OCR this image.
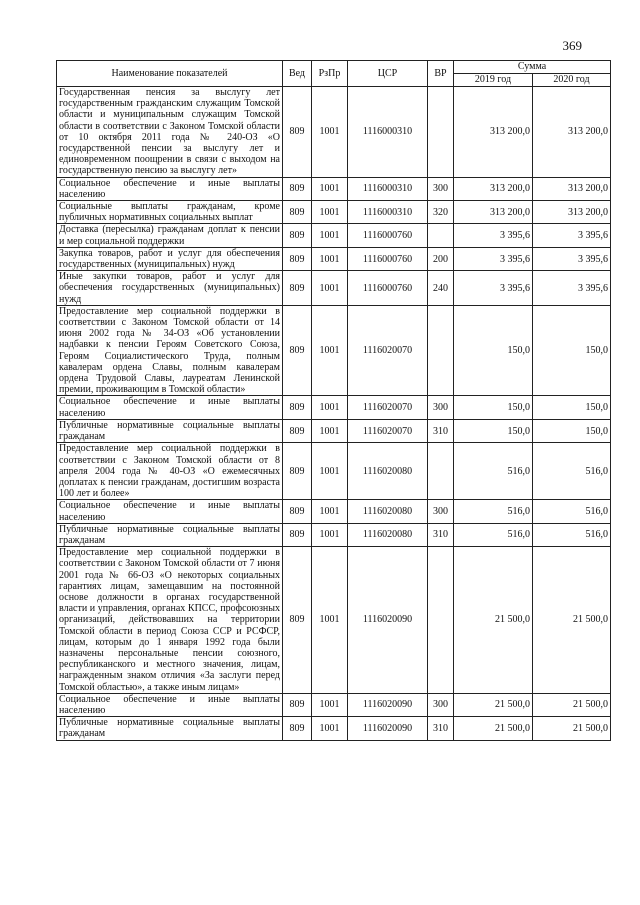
369
Наименование показателей	Вед	РзПр	ЦСР	ВР	Сумма	
					2019 год	2020 год
Государственная пенсия за выслугу лет государственным гражданским служащим Томской области и муниципальным служащим Томской области в соответствии с Законом Томской области от 10 октября 2011 года № 240-ОЗ «О государственной пенсии за выслугу лет и единовременном поощрении в связи с выходом на государственную пенсию за выслугу лет»	809	1001	1116000310		313 200,0	313 200,0
Социальное обеспечение и иные выплаты населению	809	1001	1116000310	300	313 200,0	313 200,0
Социальные выплаты гражданам, кроме публичных нормативных социальных выплат	809	1001	1116000310	320	313 200,0	313 200,0
Доставка (пересылка) гражданам доплат к пенсии и мер социальной поддержки	809	1001	1116000760		3 395,6	3 395,6
Закупка товаров, работ и услуг для обеспечения государственных (муниципальных) нужд	809	1001	1116000760	200	3 395,6	3 395,6
Иные закупки товаров, работ и услуг для обеспечения государственных (муниципальных) нужд	809	1001	1116000760	240	3 395,6	3 395,6
Предоставление мер социальной поддержки в соответствии с Законом Томской области от 14 июня 2002 года № 34-ОЗ «Об установлении надбавки к пенсии Героям Советского Союза, Героям Социалистического Труда, полным кавалерам ордена Славы, полным кавалерам ордена Трудовой Славы, лауреатам Ленинской премии, проживающим в Томской области»	809	1001	1116020070		150,0	150,0
Социальное обеспечение и иные выплаты населению	809	1001	1116020070	300	150,0	150,0
Публичные нормативные социальные выплаты гражданам	809	1001	1116020070	310	150,0	150,0
Предоставление мер социальной поддержки в соответствии с Законом Томской области от 8 апреля 2004 года № 40-ОЗ «О ежемесячных доплатах к пенсии гражданам, достигшим возраста 100 лет и более»	809	1001	1116020080		516,0	516,0
Социальное обеспечение и иные выплаты населению	809	1001	1116020080	300	516,0	516,0
Публичные нормативные социальные выплаты гражданам	809	1001	1116020080	310	516,0	516,0
Предоставление мер социальной поддержки в соответствии с Законом Томской области от 7 июня 2001 года № 66-ОЗ «О некоторых социальных гарантиях лицам, замещавшим на постоянной основе должности в органах государственной власти и управления, органах КПСС, профсоюзных организаций, действовавших на территории Томской области в период Союза ССР и РСФСР, лицам, которым до 1 января 1992 года были назначены персональные пенсии союзного, республиканского и местного значения, лицам, награжденным знаком отличия «За заслуги перед Томской областью», а также иным лицам»	809	1001	1116020090		21 500,0	21 500,0
Социальное обеспечение и иные выплаты населению	809	1001	1116020090	300	21 500,0	21 500,0
Публичные нормативные социальные выплаты гражданам	809	1001	1116020090	310	21 500,0	21 500,0
